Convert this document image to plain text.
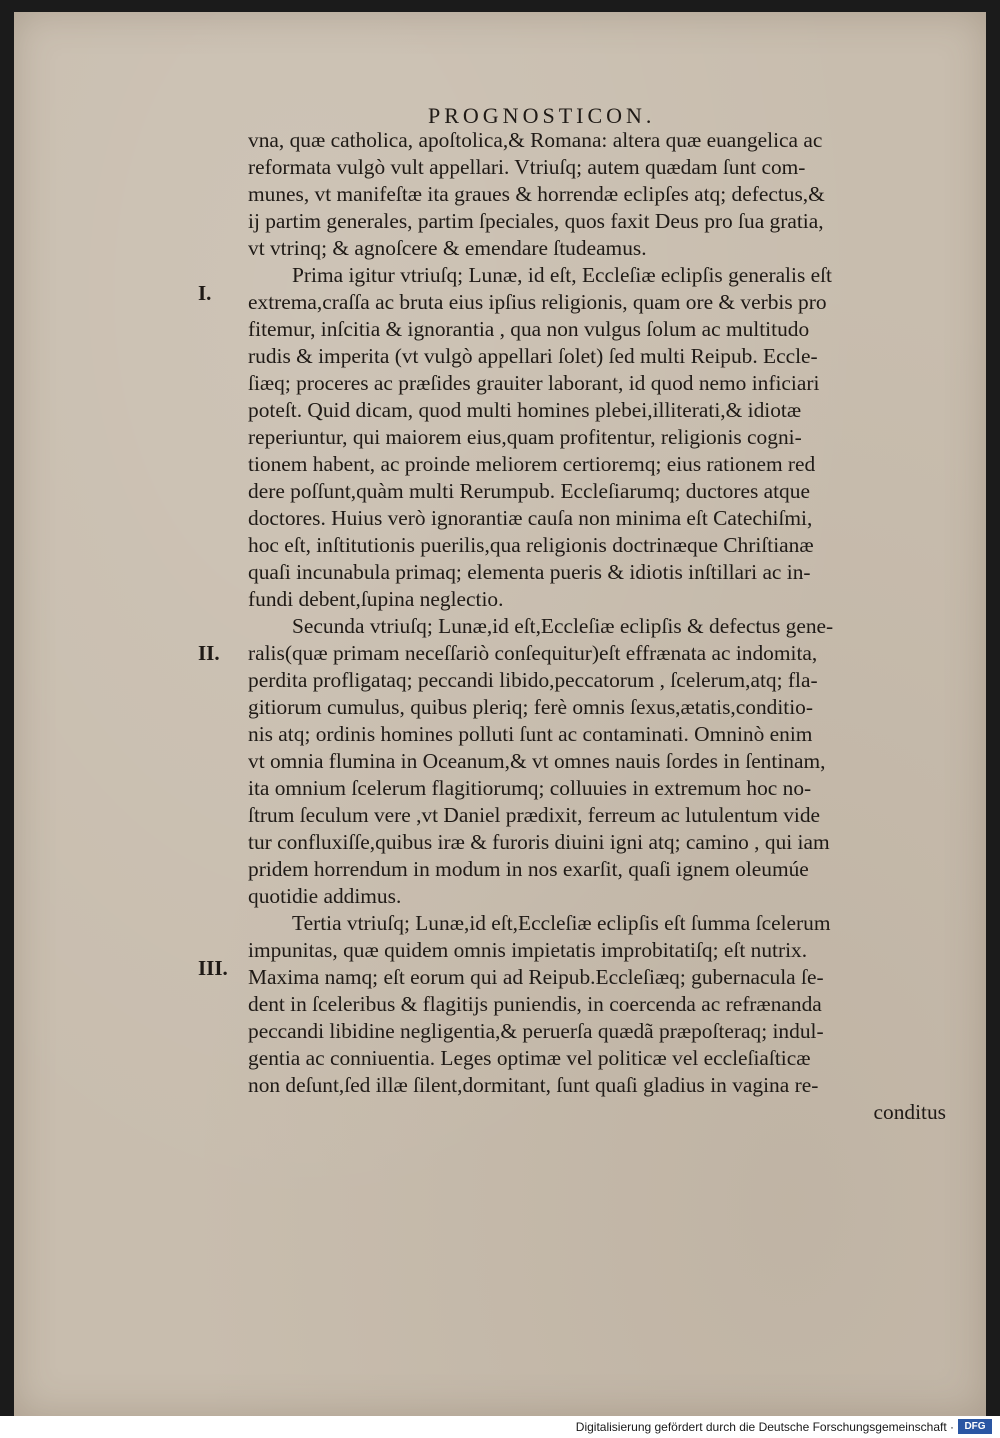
PROGNOSTICON.
I.
II.
III.
vna, quæ catholica, apoſtolica,& Romana: altera quæ euangelica ac
reformata vulgò vult appellari. Vtriuſq; autem quædam ſunt com-
munes, vt manifeſtæ ita graues & horrendæ eclipſes atq; defectus,&
ij partim generales, partim ſpeciales, quos faxit Deus pro ſua gratia,
vt vtrinq; & agnoſcere & emendare ſtudeamus.
Prima igitur vtriuſq; Lunæ, id eſt, Eccleſiæ eclipſis generalis eſt
extrema,craſſa ac bruta eius ipſius religionis, quam ore & verbis pro
fitemur, inſcitia & ignorantia , qua non vulgus ſolum ac multitudo
rudis & imperita (vt vulgò appellari ſolet) ſed multi Reipub. Eccle-
ſiæq; proceres ac præſides grauiter laborant, id quod nemo inficiari
poteſt. Quid dicam, quod multi homines plebei,illiterati,& idiotæ
reperiuntur, qui maiorem eius,quam profitentur, religionis cogni-
tionem habent, ac proinde meliorem certioremq; eius rationem red
dere poſſunt,quàm multi Rerumpub. Eccleſiarumq; ductores atque
doctores. Huius verò ignorantiæ cauſa non minima eſt Catechiſmi,
hoc eſt, inſtitutionis puerilis,qua religionis doctrinæque Chriſtianæ
quaſi incunabula primaq; elementa pueris & idiotis inſtillari ac in-
fundi debent,ſupina neglectio.
Secunda vtriuſq; Lunæ,id eſt,Eccleſiæ eclipſis & defectus gene-
ralis(quæ primam neceſſariò conſequitur)eſt effrænata ac indomita,
perdita profligataq; peccandi libido,peccatorum , ſcelerum,atq; fla-
gitiorum cumulus, quibus pleriq; ferè omnis ſexus,ætatis,conditio-
nis atq; ordinis homines polluti ſunt ac contaminati. Omninò enim
vt omnia flumina in Oceanum,& vt omnes nauis ſordes in ſentinam,
ita omnium ſcelerum flagitiorumq; colluuies in extremum hoc no-
ſtrum ſeculum vere ,vt Daniel prædixit, ferreum ac lutulentum vide
tur confluxiſſe,quibus iræ & furoris diuini igni atq; camino , qui iam
pridem horrendum in modum in nos exarſit, quaſi ignem oleumúe
quotidie addimus.
Tertia vtriuſq; Lunæ,id eſt,Eccleſiæ eclipſis eſt ſumma ſcelerum
impunitas, quæ quidem omnis impietatis improbitatiſq; eſt nutrix.
Maxima namq; eſt eorum qui ad Reipub.Eccleſiæq; gubernacula ſe-
dent in ſceleribus & flagitijs puniendis, in coercenda ac refrænanda
peccandi libidine negligentia,& peruerſa quædã præpoſteraq; indul-
gentia ac conniuentia. Leges optimæ vel politicæ vel eccleſiaſticæ
non deſunt,ſed illæ ſilent,dormitant, ſunt quaſi gladius in vagina re-
conditus
Digitalisierung gefördert durch die Deutsche Forschungsgemeinschaft ·	DFG
